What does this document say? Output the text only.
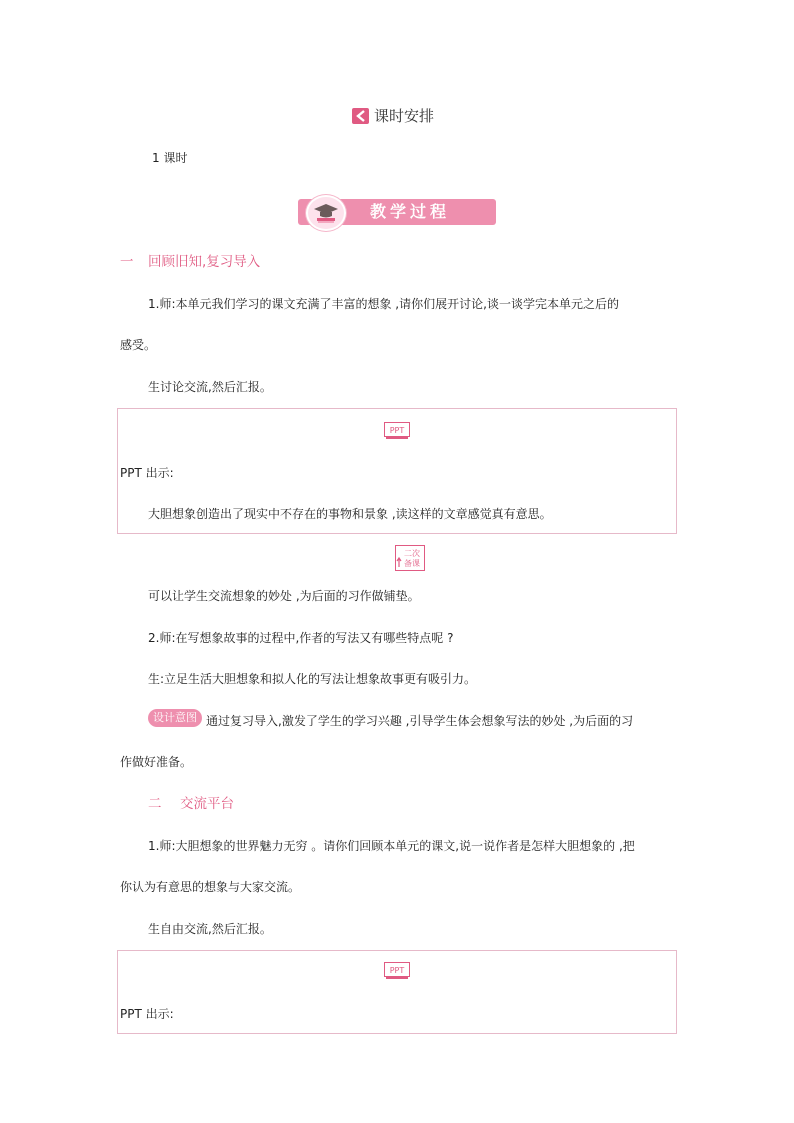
课时安排
1 课时
教学过程
一 回顾旧知,复习导入
1.师:本单元我们学习的课文充满了丰富的想象 ,请你们展开讨论,谈一谈学完本单元之后的
感受。
生讨论交流,然后汇报。
PPT
PPT 出示:
大胆想象创造出了现实中不存在的事物和景象 ,读这样的文章感觉真有意思。
二次
备课
可以让学生交流想象的妙处 ,为后面的习作做铺垫。
2.师:在写想象故事的过程中,作者的写法又有哪些特点呢 ?
生:立足生活大胆想象和拟人化的写法让想象故事更有吸引力。
设计意图 通过复习导入,激发了学生的学习兴趣 ,引导学生体会想象写法的妙处 ,为后面的习
作做好准备。
二 交流平台
1.师:大胆想象的世界魅力无穷 。请你们回顾本单元的课文,说一说作者是怎样大胆想象的 ,把
你认为有意思的想象与大家交流。
生自由交流,然后汇报。
PPT
PPT 出示:
